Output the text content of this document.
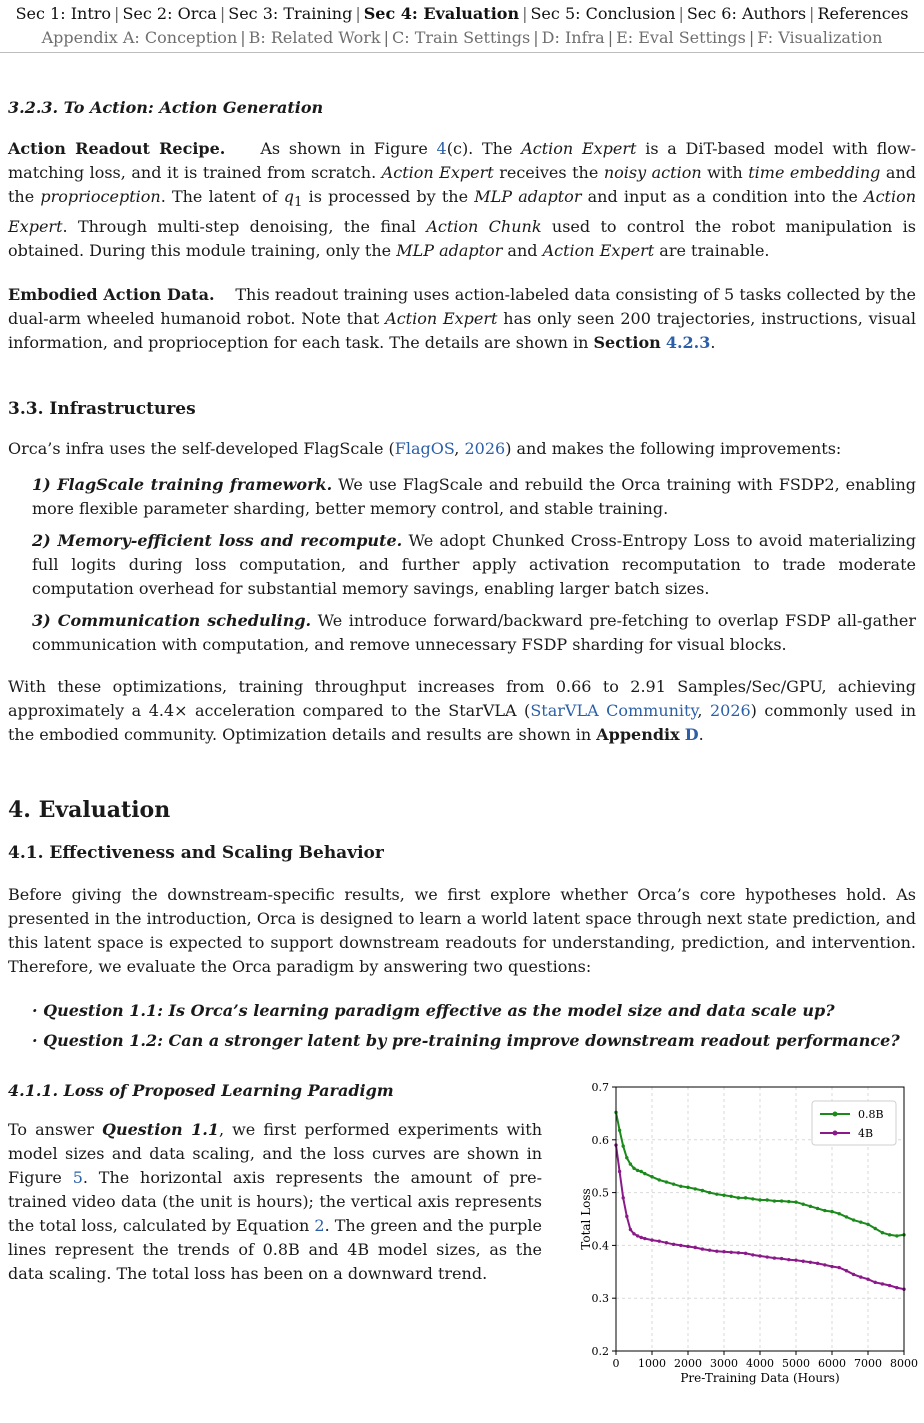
Sec 1: Intro | Sec 2: Orca | Sec 3: Training | Sec 4: Evaluation | Sec 5: Conclusion | Sec 6: Authors | References
Appendix A: Conception | B: Related Work | C: Train Settings | D: Infra | E: Eval Settings | F: Visualization
3.2.3. To Action: Action Generation

Action Readout Recipe. As shown in Figure 4(c). The Action Expert is a DiT-based model with flow-matching loss, and it is trained from scratch. Action Expert receives the noisy action with time embedding and the proprioception. The latent of $q_1$ is processed by the MLP adaptor and input as a condition into the Action Expert. Through multi-step denoising, the final Action Chunk used to control the robot manipulation is obtained. During this module training, only the MLP adaptor and Action Expert are trainable.

Embodied Action Data. This readout training uses action-labeled data consisting of 5 tasks collected by the dual-arm wheeled humanoid robot. Note that Action Expert has only seen 200 trajectories, instructions, visual information, and proprioception for each task. The details are shown in Section 4.2.3.

3.3. Infrastructures

Orca’s infra uses the self-developed FlagScale (FlagOS, 2026) and makes the following improvements:

1) FlagScale training framework. We use FlagScale and rebuild the Orca training with FSDP2, enabling more flexible parameter sharding, better memory control, and stable training.

2) Memory-efficient loss and recompute. We adopt Chunked Cross-Entropy Loss to avoid materializing full logits during loss computation, and further apply activation recomputation to trade moderate computation overhead for substantial memory savings, enabling larger batch sizes.

3) Communication scheduling. We introduce forward/backward pre-fetching to overlap FSDP all-gather communication with computation, and remove unnecessary FSDP sharding for visual blocks.

With these optimizations, training throughput increases from 0.66 to 2.91 Samples/Sec/GPU, achieving approximately a 4.4× acceleration compared to the StarVLA (StarVLA Community, 2026) commonly used in the embodied community. Optimization details and results are shown in Appendix D.

4. Evaluation
4.1. Effectiveness and Scaling Behavior

Before giving the downstream-specific results, we first explore whether Orca’s core hypotheses hold. As presented in the introduction, Orca is designed to learn a world latent space through next state prediction, and this latent space is expected to support downstream readouts for understanding, prediction, and intervention. Therefore, we evaluate the Orca paradigm by answering two questions:

· Question 1.1: Is Orca’s learning paradigm effective as the model size and data scale up?
· Question 1.2: Can a stronger latent by pre-training improve downstream readout performance?
4.1.1. Loss of Proposed Learning Paradigm

To answer Question 1.1, we first performed experiments with model sizes and data scaling, and the loss curves are shown in Figure 5. The horizontal axis represents the amount of pre-trained video data (the unit is hours); the vertical axis represents the total loss, calculated by Equation 2. The green and the purple lines represent the trends of 0.8B and 4B model sizes, as the data scaling. The total loss has been on a downward trend.

0 1000 2000 3000 4000 5000 6000 7000 8000
0.2
0.3
0.4
0.5
0.6
0.7
Pre-Training Data (Hours)
Total Loss
0.8B
4B
